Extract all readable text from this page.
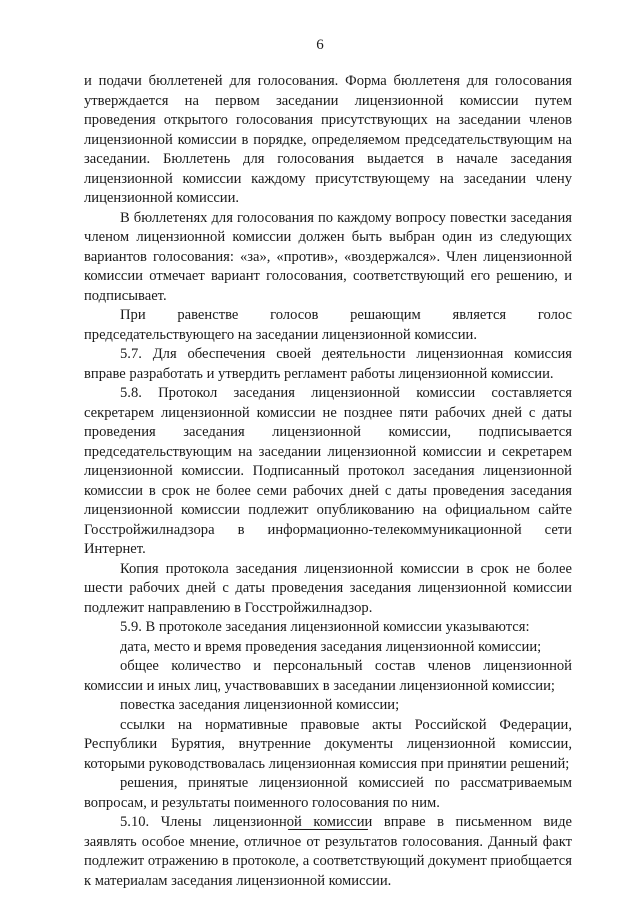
6

и подачи бюллетеней для голосования. Форма бюллетеня для голосования утверждается на первом заседании лицензионной комиссии путем проведения открытого голосования присутствующих на заседании членов лицензионной комиссии в порядке, определяемом председательствующим на заседании. Бюллетень для голосования выдается в начале заседания лицензионной комиссии каждому присутствующему на заседании члену лицензионной комиссии.

В бюллетенях для голосования по каждому вопросу повестки заседания членом лицензионной комиссии должен быть выбран один из следующих вариантов голосования: «за», «против», «воздержался». Член лицензионной комиссии отмечает вариант голосования, соответствующий его решению, и подписывает.

При равенстве голосов решающим является голос председательствующего на заседании лицензионной комиссии.

5.7. Для обеспечения своей деятельности лицензионная комиссия вправе разработать и утвердить регламент работы лицензионной комиссии.

5.8. Протокол заседания лицензионной комиссии составляется секретарем лицензионной комиссии не позднее пяти рабочих дней с даты проведения заседания лицензионной комиссии, подписывается председательствующим на заседании лицензионной комиссии и секретарем лицензионной комиссии. Подписанный протокол заседания лицензионной комиссии в срок не более семи рабочих дней с даты проведения заседания лицензионной комиссии подлежит опубликованию на официальном сайте Госстройжилнадзора в информационно-телекоммуникационной сети Интернет.

Копия протокола заседания лицензионной комиссии в срок не более шести рабочих дней с даты проведения заседания лицензионной комиссии подлежит направлению в Госстройжилнадзор.

5.9. В протоколе заседания лицензионной комиссии указываются:

дата, место и время проведения заседания лицензионной комиссии;

общее количество и персональный состав членов лицензионной комиссии и иных лиц, участвовавших в заседании лицензионной комиссии;

повестка заседания лицензионной комиссии;

ссылки на нормативные правовые акты Российской Федерации, Республики Бурятия, внутренние документы лицензионной комиссии, которыми руководствовалась лицензионная комиссия при принятии решений;

решения, принятые лицензионной комиссией по рассматриваемым вопросам, и результаты поименного голосования по ним.

5.10. Члены лицензионной комиссии вправе в письменном виде заявлять особое мнение, отличное от результатов голосования. Данный факт подлежит отражению в протоколе, а соответствующий документ приобщается к материалам заседания лицензионной комиссии.
